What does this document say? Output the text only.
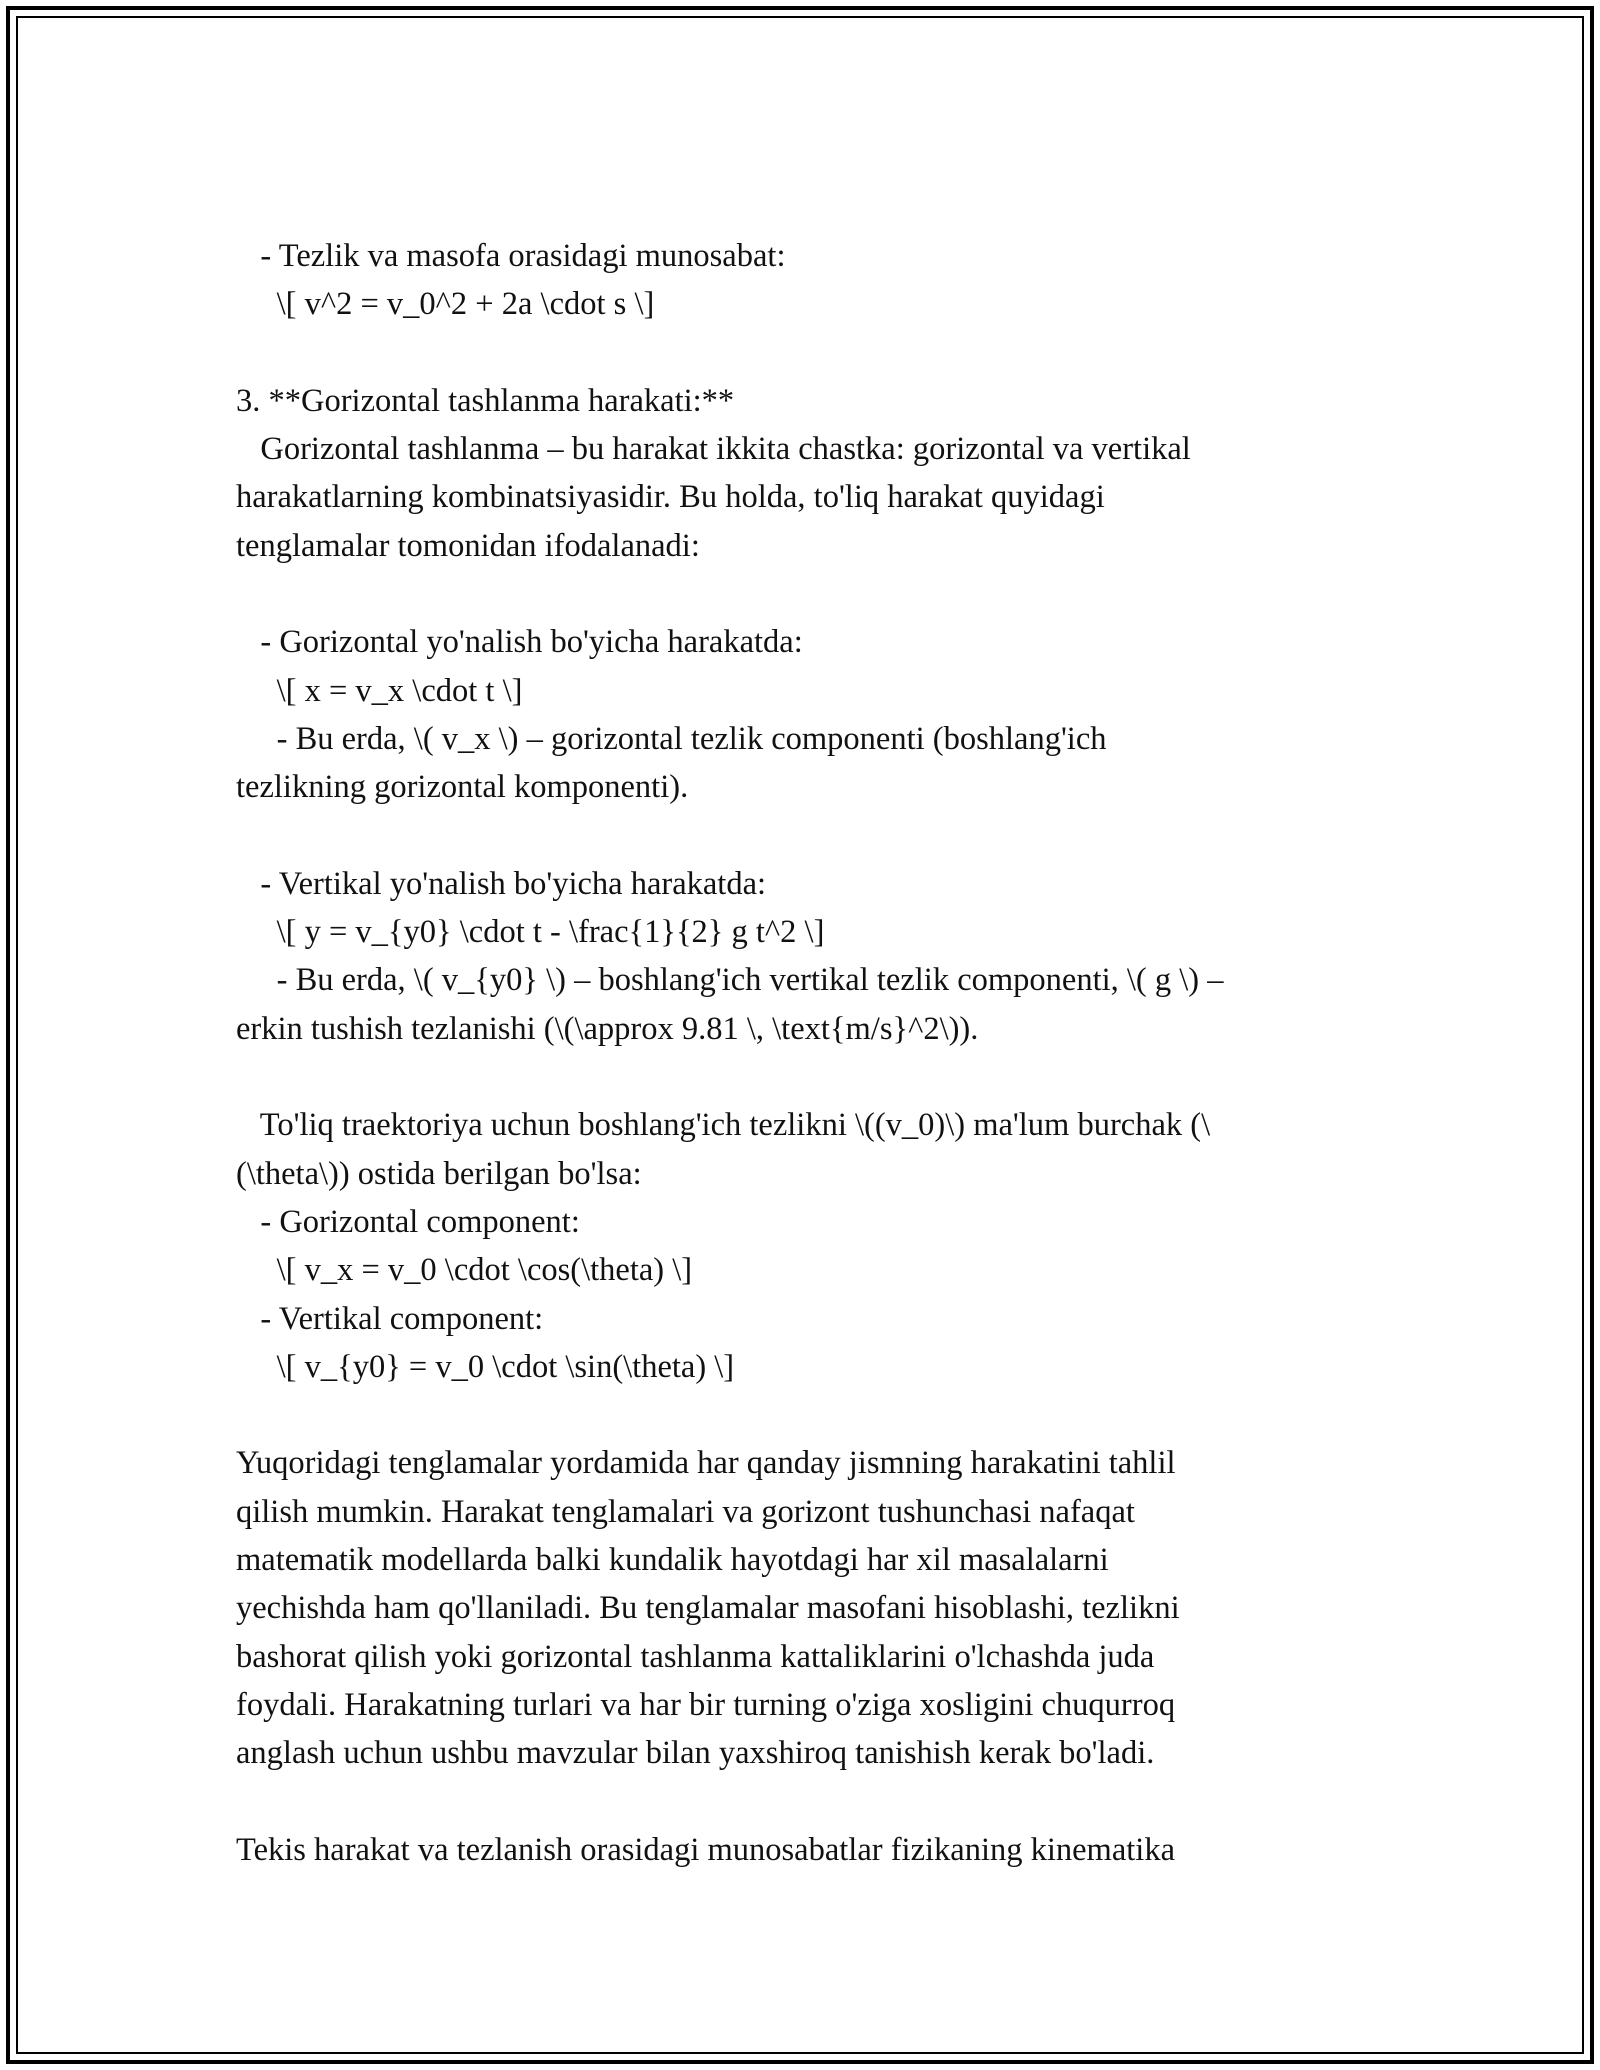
- Tezlik va masofa orasidagi munosabat:
\[ v^2 = v_0^2 + 2a \cdot s \]
3. **Gorizontal tashlanma harakati:**
Gorizontal tashlanma – bu harakat ikkita chastka: gorizontal va vertikal
harakatlarning kombinatsiyasidir. Bu holda, to'liq harakat quyidagi
tenglamalar tomonidan ifodalanadi:
- Gorizontal yo'nalish bo'yicha harakatda:
\[ x = v_x \cdot t \]
- Bu erda, \( v_x \) – gorizontal tezlik componenti (boshlang'ich
tezlikning gorizontal komponenti).
- Vertikal yo'nalish bo'yicha harakatda:
\[ y = v_{y0} \cdot t - \frac{1}{2} g t^2 \]
- Bu erda, \( v_{y0} \) – boshlang'ich vertikal tezlik componenti, \( g \) –
erkin tushish tezlanishi (\(\approx 9.81 \, \text{m/s}^2\)).
To'liq traektoriya uchun boshlang'ich tezlikni \((v_0)\) ma'lum burchak (\
(\theta\)) ostida berilgan bo'lsa:
- Gorizontal component:
\[ v_x = v_0 \cdot \cos(\theta) \]
- Vertikal component:
\[ v_{y0} = v_0 \cdot \sin(\theta) \]
Yuqoridagi tenglamalar yordamida har qanday jismning harakatini tahlil
qilish mumkin. Harakat tenglamalari va gorizont tushunchasi nafaqat
matematik modellarda balki kundalik hayotdagi har xil masalalarni
yechishda ham qo'llaniladi. Bu tenglamalar masofani hisoblashi, tezlikni
bashorat qilish yoki gorizontal tashlanma kattaliklarini o'lchashda juda
foydali. Harakatning turlari va har bir turning o'ziga xosligini chuqurroq
anglash uchun ushbu mavzular bilan yaxshiroq tanishish kerak bo'ladi.
Tekis harakat va tezlanish orasidagi munosabatlar fizikaning kinematika
